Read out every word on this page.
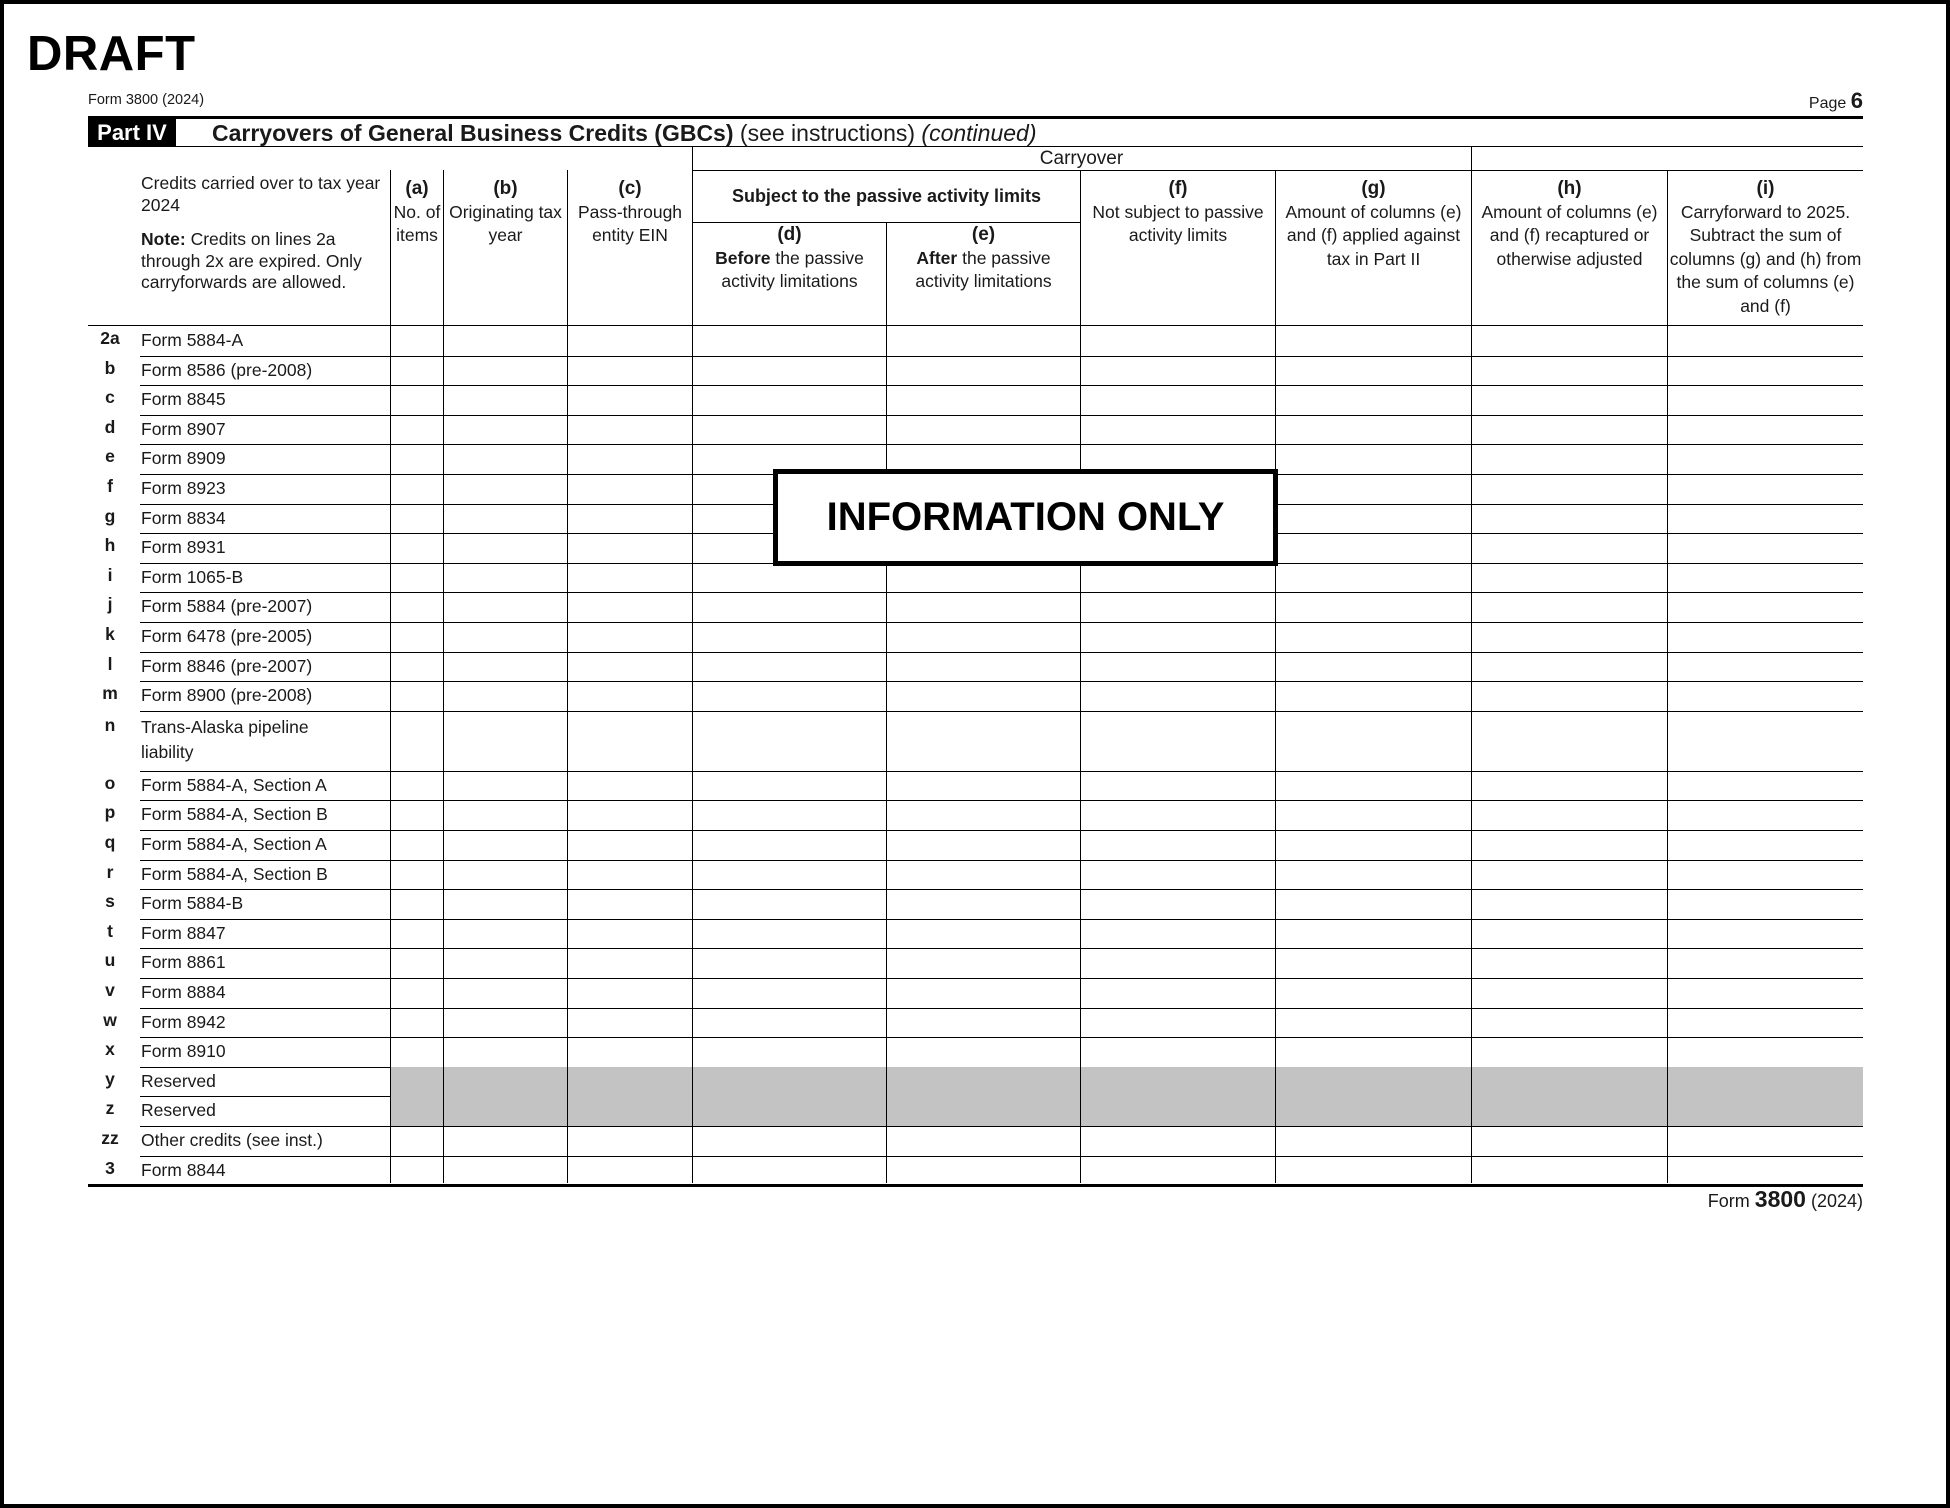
DRAFT
Form 3800 (2024)	Page 6
Part IV	Carryovers of General Business Credits (GBCs) (see instructions) (continued)
Carryover
Credits carried over to tax year 2024
Note: Credits on lines 2a through 2x are expired. Only carryforwards are allowed.
(a)
No. of items
(b)
Originating tax year
(c)
Pass-through entity EIN
Subject to the passive activity limits
(d)
Before the passive activity limitations
(e)
After the passive activity limitations
(f)
Not subject to passive activity limits
(g)
Amount of columns (e) and (f) applied against tax in Part II
(h)
Amount of columns (e) and (f) recaptured or otherwise adjusted
(i)
Carryforward to 2025. Subtract the sum of columns (g) and (h) from the sum of columns (e) and (f)
2a	Form 5884-A
b	Form 8586 (pre-2008)
c	Form 8845
d	Form 8907
e	Form 8909
f	Form 8923
g	Form 8834
h	Form 8931
i	Form 1065-B
j	Form 5884 (pre-2007)
k	Form 6478 (pre-2005)
l	Form 8846 (pre-2007)
m	Form 8900 (pre-2008)
n	Trans-Alaska pipeline
liability
o	Form 5884-A, Section A
p	Form 5884-A, Section B
q	Form 5884-A, Section A
r	Form 5884-A, Section B
s	Form 5884-B
t	Form 8847
u	Form 8861
v	Form 8884
w	Form 8942
x	Form 8910
y	Reserved
z	Reserved
zz	Other credits (see inst.)
3	Form 8844
INFORMATION ONLY
Form 3800 (2024)
